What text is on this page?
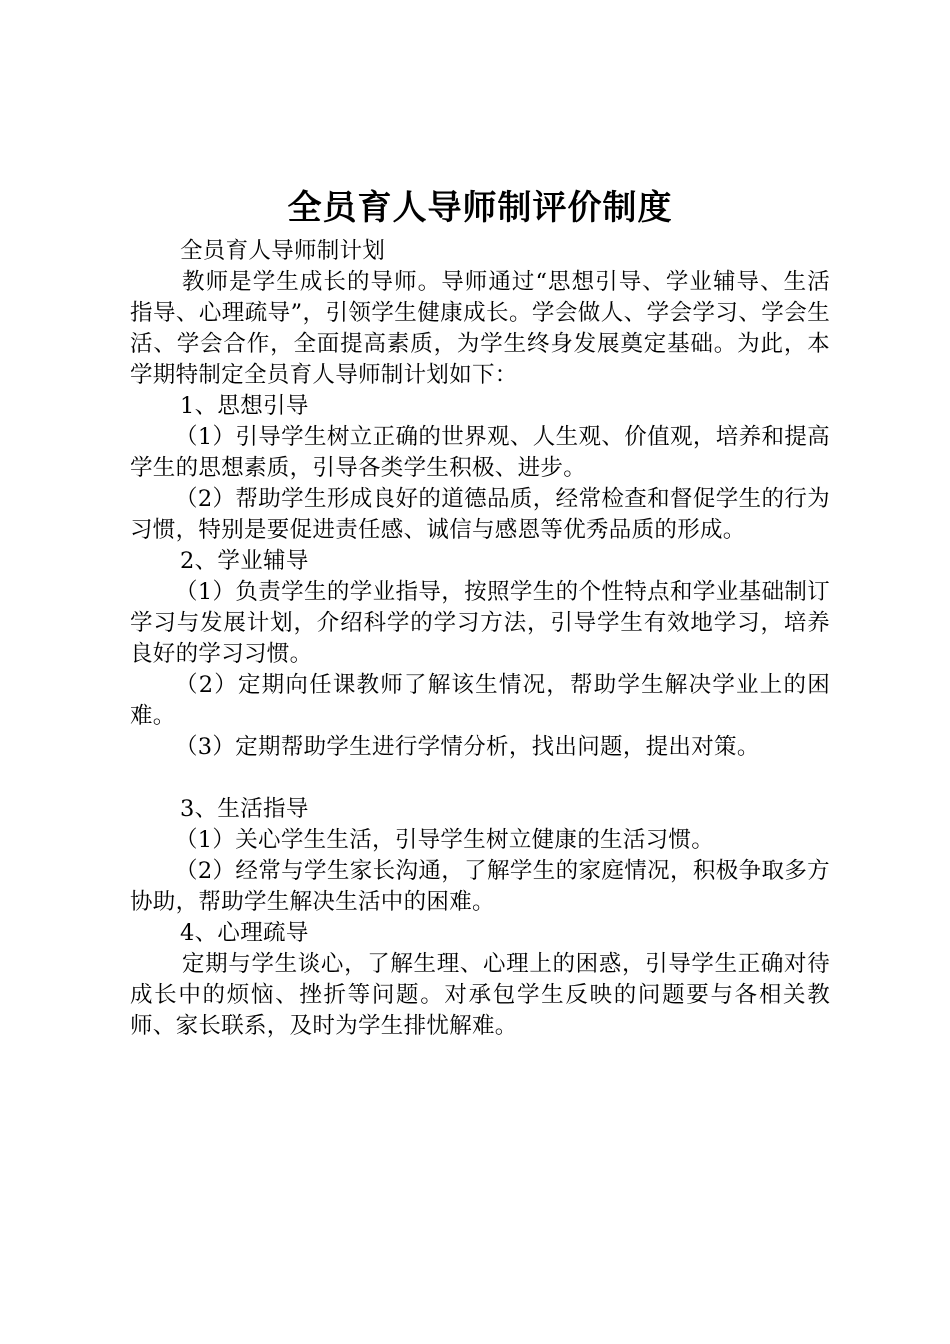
全员育人导师制评价制度

全员育人导师制计划

教师是学生成长的导师。导师通过“思想引导、学业辅导、生活指导、心理疏导”，引领学生健康成长。学会做人、学会学习、学会生活、学会合作，全面提高素质，为学生终身发展奠定基础。为此，本学期特制定全员育人导师制计划如下：

1、思想引导

（1）引导学生树立正确的世界观、人生观、价值观，培养和提高学生的思想素质，引导各类学生积极、进步。

（2）帮助学生形成良好的道德品质，经常检查和督促学生的行为习惯，特别是要促进责任感、诚信与感恩等优秀品质的形成。

2、学业辅导

（1）负责学生的学业指导，按照学生的个性特点和学业基础制订学习与发展计划，介绍科学的学习方法，引导学生有效地学习，培养良好的学习习惯。

（2）定期向任课教师了解该生情况，帮助学生解决学业上的困难。

（3）定期帮助学生进行学情分析，找出问题，提出对策。

3、生活指导

（1）关心学生生活，引导学生树立健康的生活习惯。

（2）经常与学生家长沟通，了解学生的家庭情况，积极争取多方协助，帮助学生解决生活中的困难。

4、心理疏导

定期与学生谈心，了解生理、心理上的困惑，引导学生正确对待成长中的烦恼、挫折等问题。对承包学生反映的问题要与各相关教师、家长联系，及时为学生排忧解难。
